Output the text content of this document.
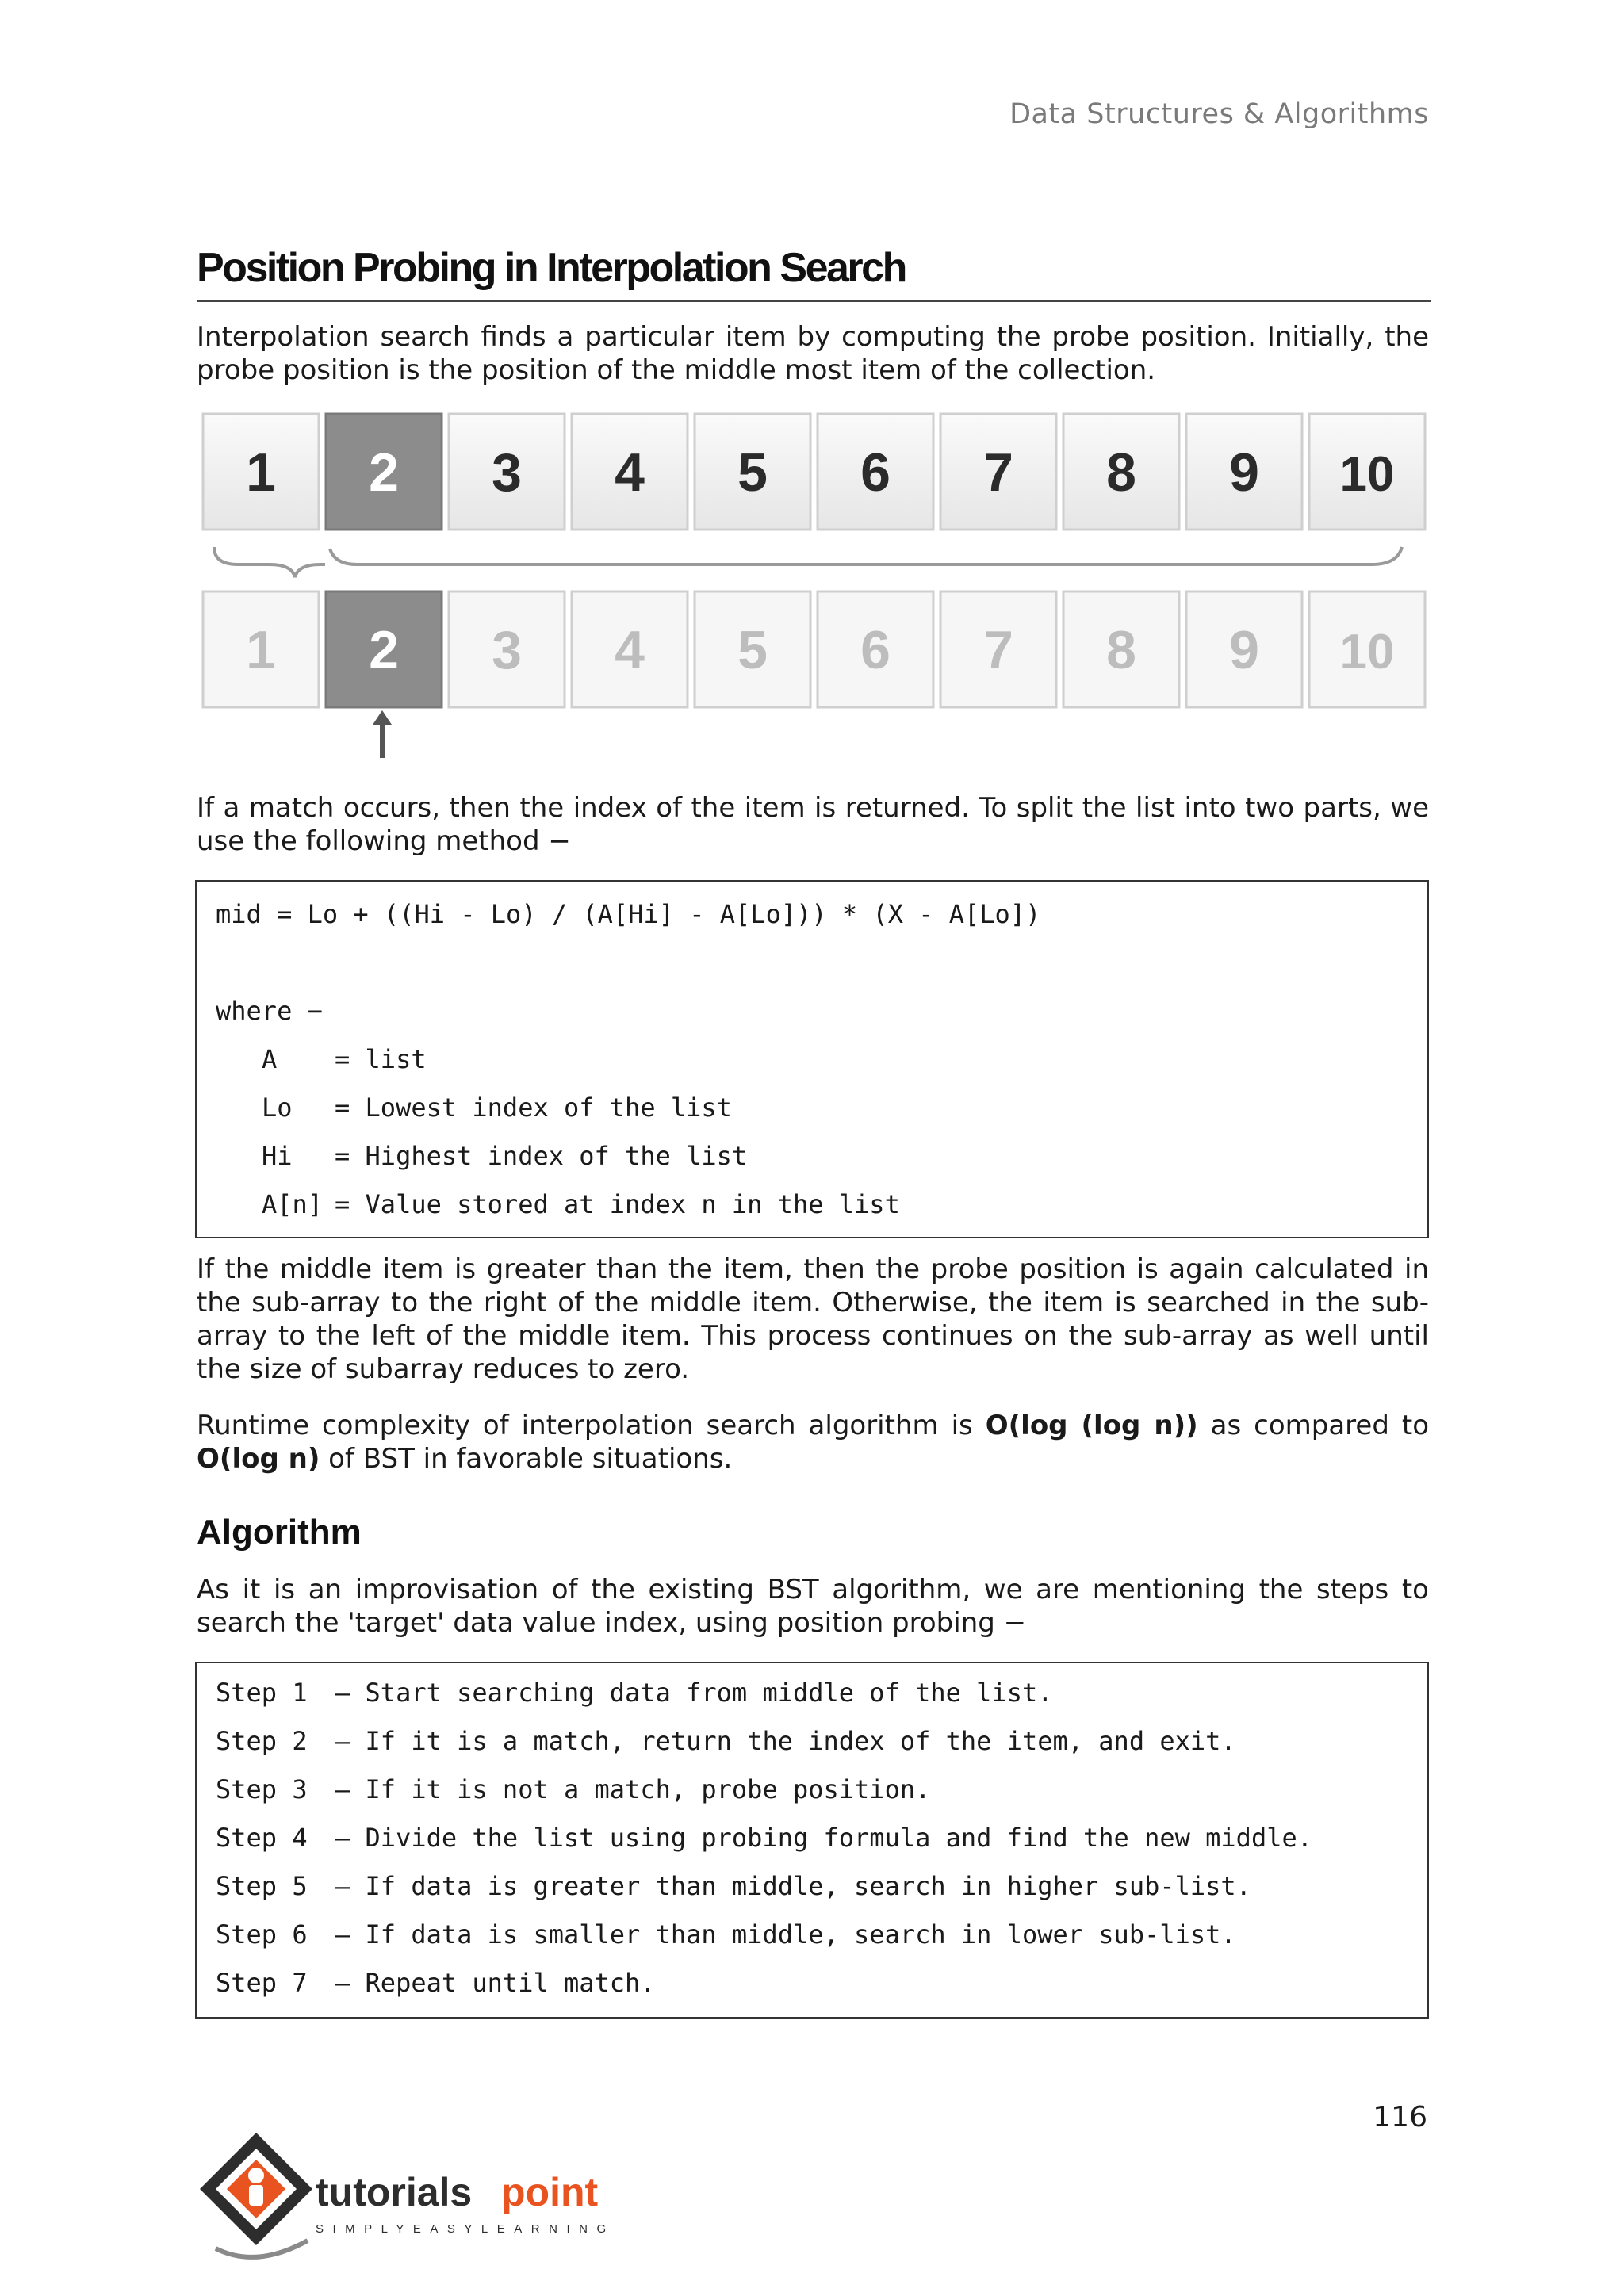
Data Structures & Algorithms
Position Probing in Interpolation Search

Interpolation search finds a particular item by computing the probe position. Initially, the probe position is the position of the middle most item of the collection.

1 2 3 4 5 6 7 8 9 10
1 2 3 4 5 6 7 8 9 10

If a match occurs, then the index of the item is returned. To split the list into two parts, we use the following method −

mid = Lo + ((Hi - Lo) / (A[Hi] - A[Lo])) * (X - A[Lo])
where −
A = list
Lo = Lowest index of the list
Hi = Highest index of the list
A[n] = Value stored at index n in the list

If the middle item is greater than the item, then the probe position is again calculated in the sub-array to the right of the middle item. Otherwise, the item is searched in the sub-array to the left of the middle item. This process continues on the sub-array as well until the size of subarray reduces to zero.

Runtime complexity of interpolation search algorithm is O(log (log n)) as compared to O(log n) of BST in favorable situations.

Algorithm

As it is an improvisation of the existing BST algorithm, we are mentioning the steps to search the 'target' data value index, using position probing −

Step 1 – Start searching data from middle of the list.
Step 2 – If it is a match, return the index of the item, and exit.
Step 3 – If it is not a match, probe position.
Step 4 – Divide the list using probing formula and find the new middle.
Step 5 – If data is greater than middle, search in higher sub-list.
Step 6 – If data is smaller than middle, search in lower sub-list.
Step 7 – Repeat until match.
116
tutorials point
SIMPLYEASYLEARNING
